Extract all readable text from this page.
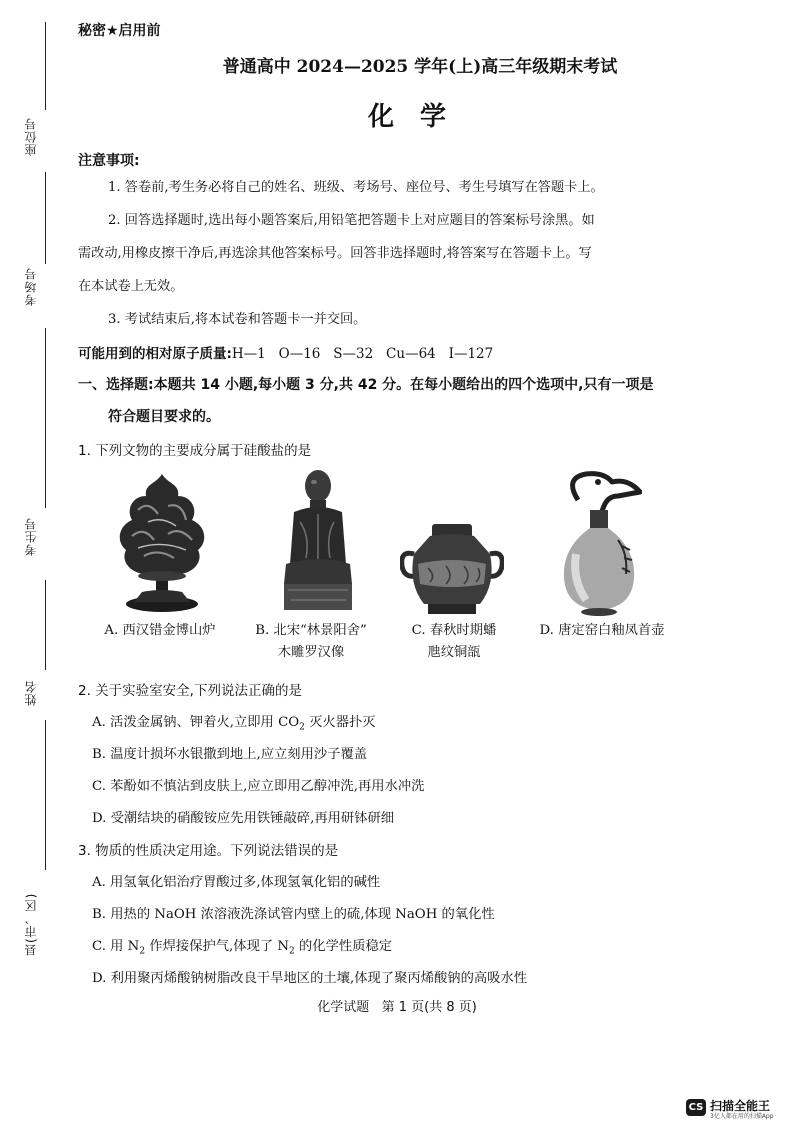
座位号
考场号
考生号
姓名
县(市、区)
秘密★启用前
普通高中 2024—2025 学年(上)高三年级期末考试
化学
注意事项:
1. 答卷前,考生务必将自己的姓名、班级、考场号、座位号、考生号填写在答题卡上。
2. 回答选择题时,选出每小题答案后,用铅笔把答题卡上对应题目的答案标号涂黑。如
需改动,用橡皮擦干净后,再选涂其他答案标号。回答非选择题时,将答案写在答题卡上。写
在本试卷上无效。
3. 考试结束后,将本试卷和答题卡一并交回。
可能用到的相对原子质量:H—1   O—16   S—32   Cu—64   I—127
一、选择题:本题共 14 小题,每小题 3 分,共 42 分。在每小题给出的四个选项中,只有一项是
符合题目要求的。
1. 下列文物的主要成分属于硅酸盐的是
A. 西汉错金博山炉	B. 北宋“林景阳舍”
木雕罗汉像
C. 春秋时期蟠
虺纹铜瓿
D. 唐定窑白釉凤首壶
2. 关于实验室安全,下列说法正确的是
A. 活泼金属钠、钾着火,立即用 $CO_2$ 灭火器扑灭
B. 温度计损坏水银撒到地上,应立刻用沙子覆盖
C. 苯酚如不慎沾到皮肤上,应立即用乙醇冲洗,再用水冲洗
D. 受潮结块的硝酸铵应先用铁锤敲碎,再用研钵研细
3. 物质的性质决定用途。下列说法错误的是
A. 用氢氧化铝治疗胃酸过多,体现氢氧化铝的碱性
B. 用热的 NaOH 浓溶液洗涤试管内壁上的硫,体现 NaOH 的氧化性
C. 用 $N_2$ 作焊接保护气,体现了 $N_2$ 的化学性质稳定
D. 利用聚丙烯酸钠树脂改良干旱地区的土壤,体现了聚丙烯酸钠的高吸水性
化学试题   第 1 页(共 8 页)
CS 扫描全能王
3亿人都在用的扫描App
